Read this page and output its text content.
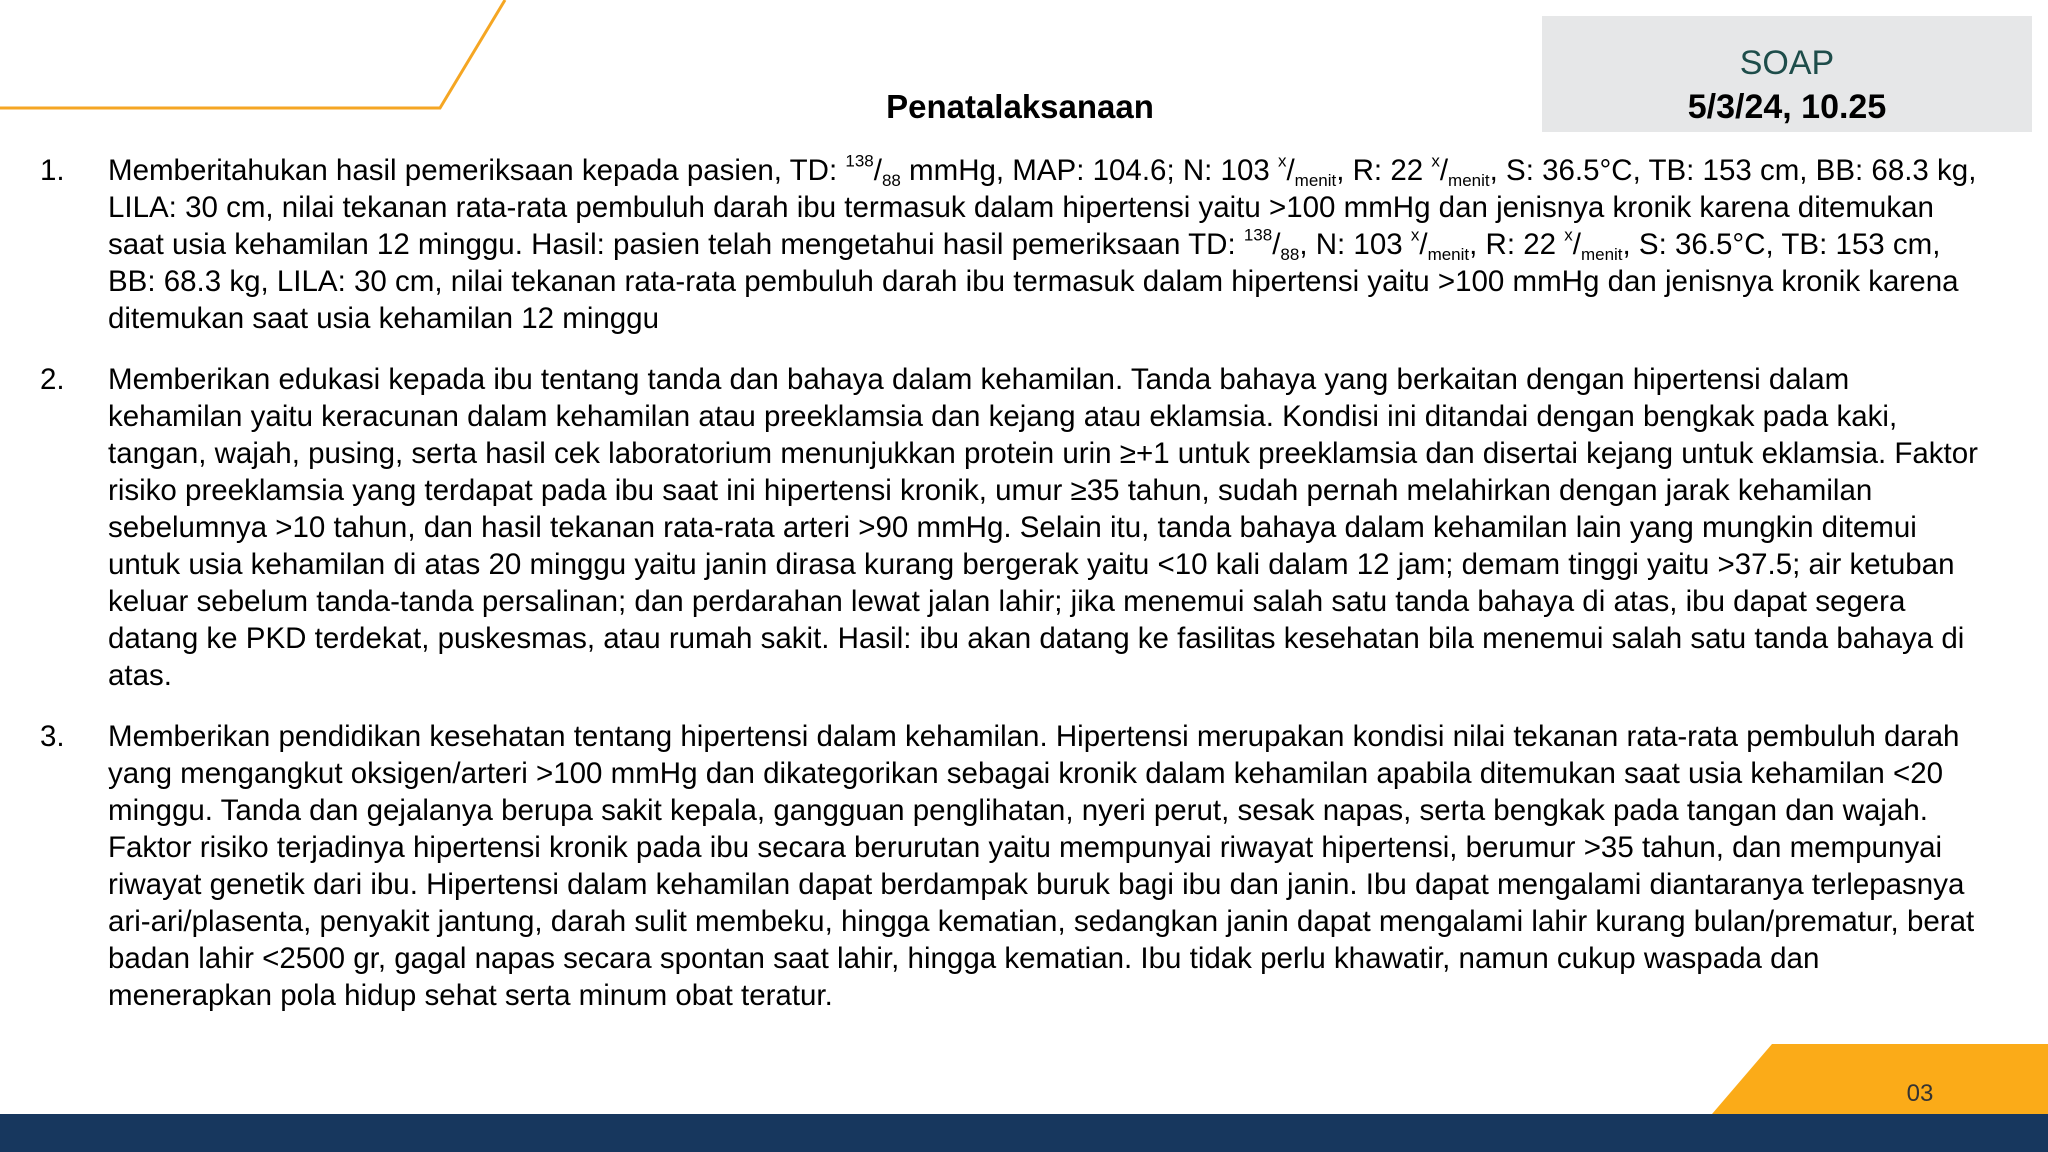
SOAP
5/3/24, 10.25
Penatalaksanaan
1.	Memberitahukan hasil pemeriksaan kepada pasien, TD: $^{138}/_{88}$ mmHg, MAP: 104.6; N: 103 $^x/_{menit}$, R: 22 $^x/_{menit}$, S: 36.5°C, TB: 153 cm, BB: 68.3 kg, LILA: 30 cm, nilai tekanan rata-rata pembuluh darah ibu termasuk dalam hipertensi yaitu >100 mmHg dan jenisnya kronik karena ditemukan saat usia kehamilan 12 minggu. Hasil: pasien telah mengetahui hasil pemeriksaan TD: $^{138}/_{88}$, N: 103 $^x/_{menit}$, R: 22 $^x/_{menit}$, S: 36.5°C, TB: 153 cm, BB: 68.3 kg, LILA: 30 cm, nilai tekanan rata-rata pembuluh darah ibu termasuk dalam hipertensi yaitu >100 mmHg dan jenisnya kronik karena ditemukan saat usia kehamilan 12 minggu
2.	Memberikan edukasi kepada ibu tentang tanda dan bahaya dalam kehamilan. Tanda bahaya yang berkaitan dengan hipertensi dalam kehamilan yaitu keracunan dalam kehamilan atau preeklamsia dan kejang atau eklamsia. Kondisi ini ditandai dengan bengkak pada kaki, tangan, wajah, pusing, serta hasil cek laboratorium menunjukkan protein urin ≥+1 untuk preeklamsia dan disertai kejang untuk eklamsia. Faktor risiko preeklamsia yang terdapat pada ibu saat ini hipertensi kronik, umur ≥35 tahun, sudah pernah melahirkan dengan jarak kehamilan sebelumnya >10 tahun, dan hasil tekanan rata-rata arteri >90 mmHg. Selain itu, tanda bahaya dalam kehamilan lain yang mungkin ditemui untuk usia kehamilan di atas 20 minggu yaitu janin dirasa kurang bergerak yaitu <10 kali dalam 12 jam; demam tinggi yaitu >37.5; air ketuban keluar sebelum tanda-tanda persalinan; dan perdarahan lewat jalan lahir; jika menemui salah satu tanda bahaya di atas, ibu dapat segera datang ke PKD terdekat, puskesmas, atau rumah sakit. Hasil: ibu akan datang ke fasilitas kesehatan bila menemui salah satu tanda bahaya di atas.
3.	Memberikan pendidikan kesehatan tentang hipertensi dalam kehamilan. Hipertensi merupakan kondisi nilai tekanan rata-rata pembuluh darah yang mengangkut oksigen/arteri >100 mmHg dan dikategorikan sebagai kronik dalam kehamilan apabila ditemukan saat usia kehamilan <20 minggu. Tanda dan gejalanya berupa sakit kepala, gangguan penglihatan, nyeri perut, sesak napas, serta bengkak pada tangan dan wajah. Faktor risiko terjadinya hipertensi kronik pada ibu secara berurutan yaitu mempunyai riwayat hipertensi, berumur >35 tahun, dan mempunyai riwayat genetik dari ibu. Hipertensi dalam kehamilan dapat berdampak buruk bagi ibu dan janin. Ibu dapat mengalami diantaranya terlepasnya ari-ari/plasenta, penyakit jantung, darah sulit membeku, hingga kematian, sedangkan janin dapat mengalami lahir kurang bulan/prematur, berat badan lahir <2500 gr, gagal napas secara spontan saat lahir, hingga kematian. Ibu tidak perlu khawatir, namun cukup waspada dan menerapkan pola hidup sehat serta minum obat teratur.
03
